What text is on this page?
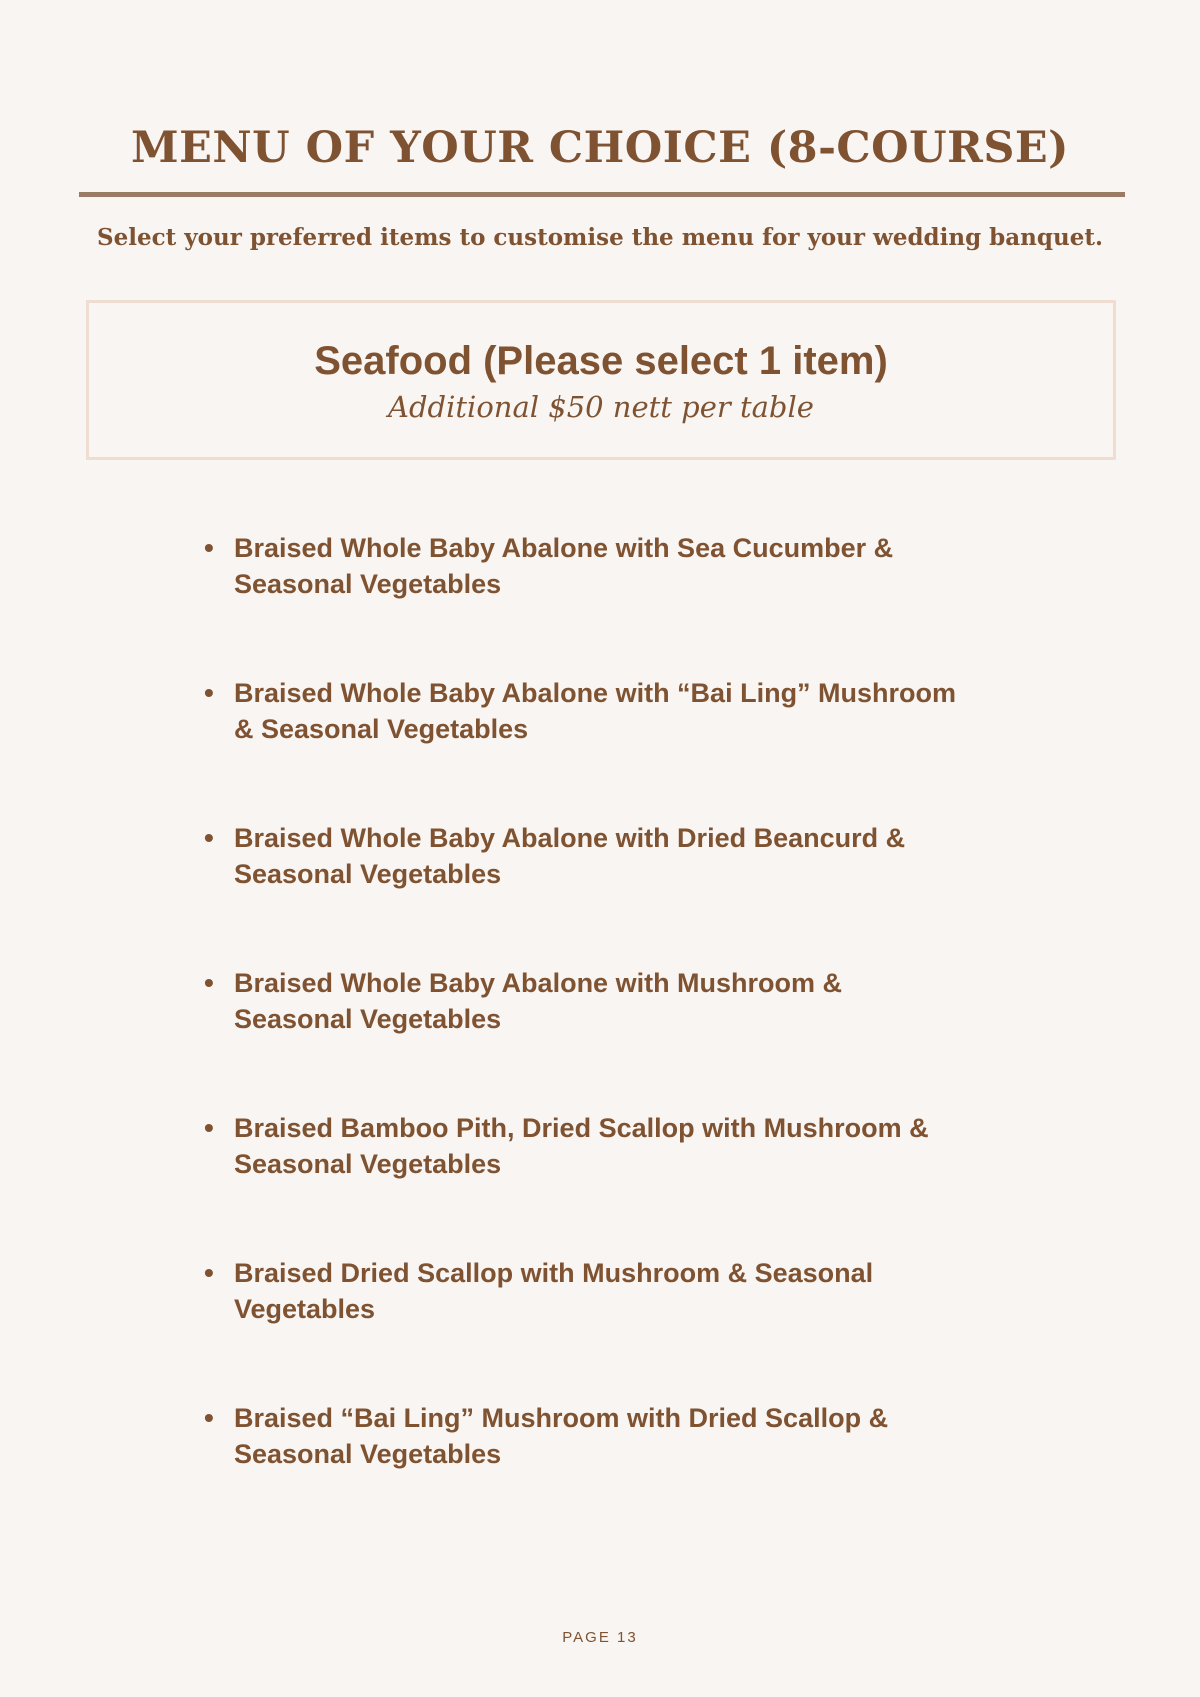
MENU OF YOUR CHOICE (8-COURSE)

Select your preferred items to customise the menu for your wedding banquet.

Seafood (Please select 1 item)

Additional $50 nett per table

• Braised Whole Baby Abalone with Sea Cucumber &
Seasonal Vegetables
• Braised Whole Baby Abalone with “Bai Ling” Mushroom
& Seasonal Vegetables
• Braised Whole Baby Abalone with Dried Beancurd &
Seasonal Vegetables
• Braised Whole Baby Abalone with Mushroom &
Seasonal Vegetables
• Braised Bamboo Pith, Dried Scallop with Mushroom &
Seasonal Vegetables
• Braised Dried Scallop with Mushroom & Seasonal
Vegetables
• Braised “Bai Ling” Mushroom with Dried Scallop &
Seasonal Vegetables

PAGE 13
